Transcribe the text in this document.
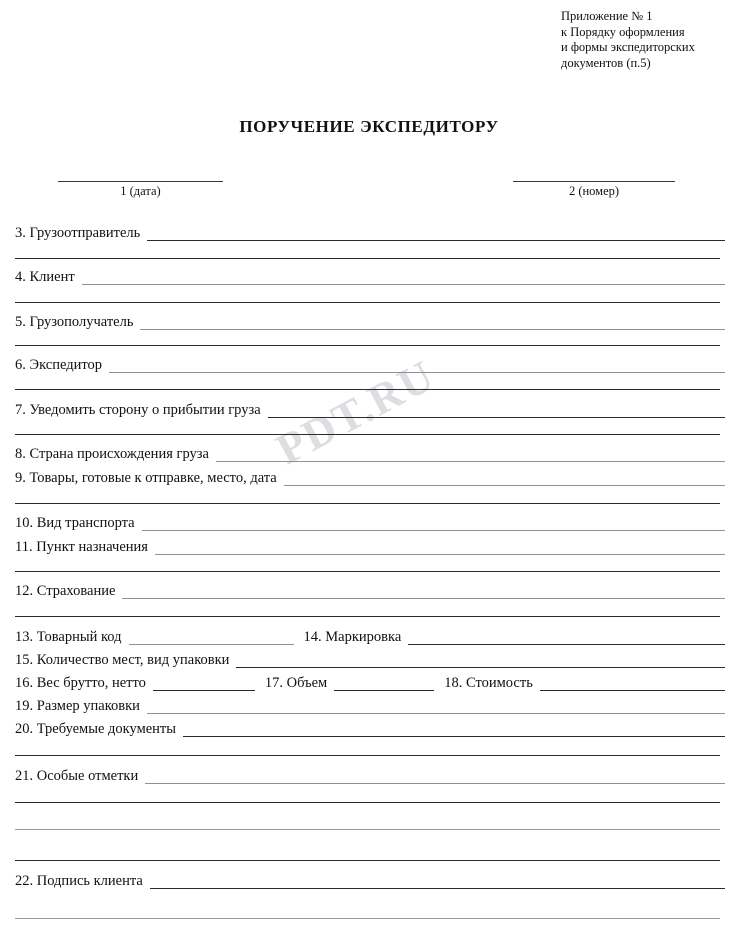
PDT.RU
Приложение № 1
к Порядку оформления
и формы экспедиторских
документов (п.5)
ПОРУЧЕНИЕ ЭКСПЕДИТОРУ
1 (дата)	2 (номер)
3. Грузоотправитель
4. Клиент
5. Грузополучатель
6. Экспедитор
7. Уведомить сторону о прибытии груза
8. Страна происхождения груза
9. Товары, готовые к отправке, место, дата
10. Вид транспорта
11. Пункт назначения
12. Страхование
13. Товарный код	14. Маркировка
15. Количество мест, вид упаковки
16. Вес брутто, нетто	17. Объем	18. Стоимость
19. Размер упаковки
20. Требуемые документы
21. Особые отметки
22. Подпись клиента
